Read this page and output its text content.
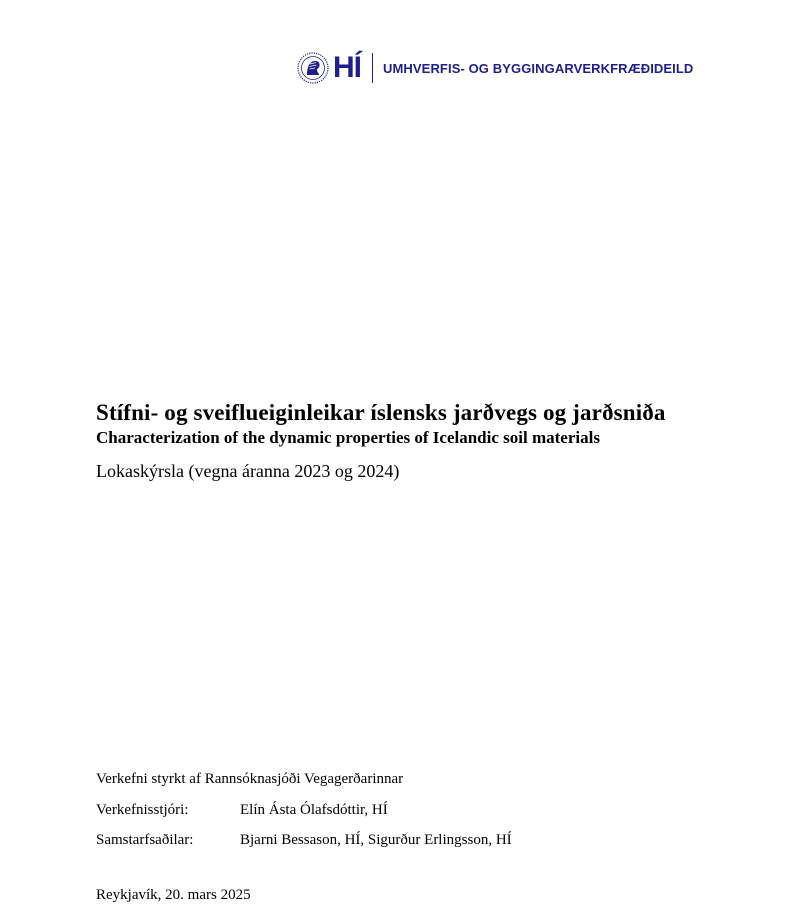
HÍ UMHVERFIS- OG BYGGINGARVERKFRÆÐIDEILD
Stífni- og sveiflueiginleikar íslensks jarðvegs og jarðsniða
Characterization of the dynamic properties of Icelandic soil materials
Lokaskýrsla (vegna áranna 2023 og 2024)
Verkefni styrkt af Rannsóknasjóði Vegagerðarinnar
Verkefnisstjóri:	Elín Ásta Ólafsdóttir, HÍ
Samstarfsaðilar:	Bjarni Bessason, HÍ, Sigurður Erlingsson, HÍ
Reykjavík, 20. mars 2025
